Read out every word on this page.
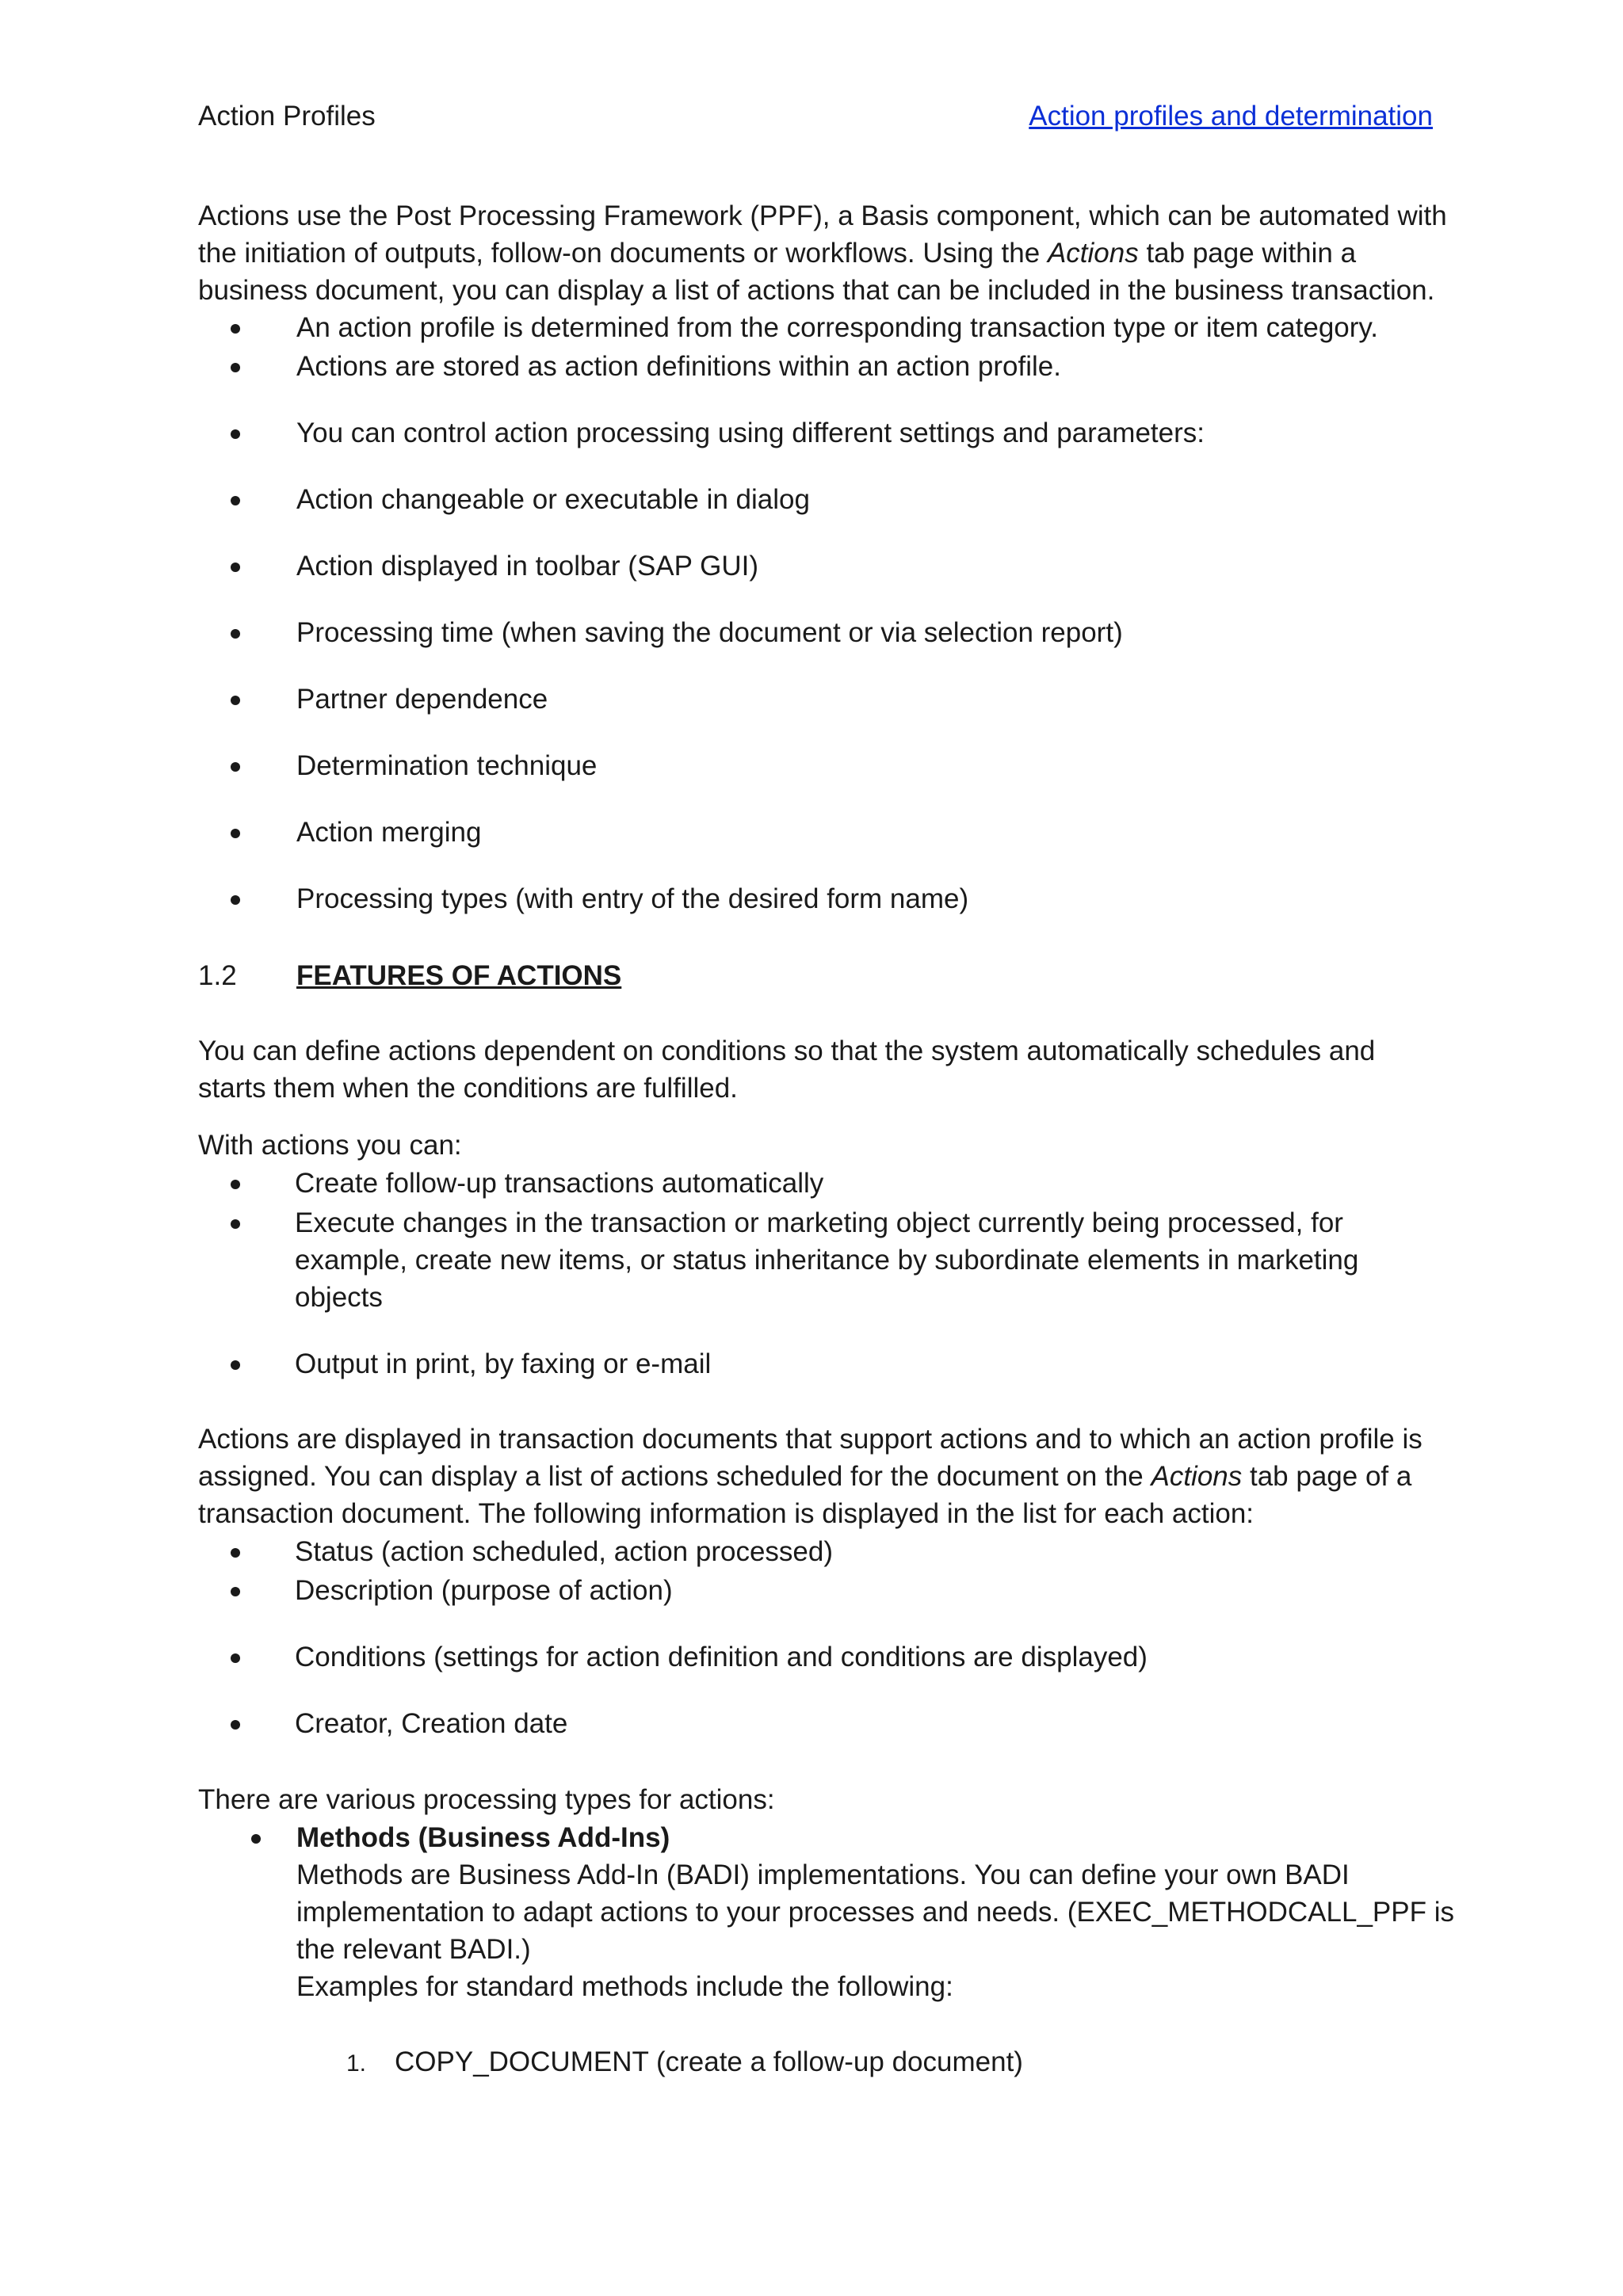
Action Profiles	Action profiles and determination
Actions use the Post Processing Framework (PPF), a Basis component, which can be automated with
the initiation of outputs, follow-on documents or workflows. Using the Actions tab page within a
business document, you can display a list of actions that can be included in the business transaction.
An action profile is determined from the corresponding transaction type or item category.
Actions are stored as action definitions within an action profile.
You can control action processing using different settings and parameters:
Action changeable or executable in dialog
Action displayed in toolbar (SAP GUI)
Processing time (when saving the document or via selection report)
Partner dependence
Determination technique
Action merging
Processing types (with entry of the desired form name)
1.2 FEATURES OF ACTIONS
You can define actions dependent on conditions so that the system automatically schedules and
starts them when the conditions are fulfilled.
With actions you can:
Create follow-up transactions automatically
Execute changes in the transaction or marketing object currently being processed, for
example, create new items, or status inheritance by subordinate elements in marketing
objects
Output in print, by faxing or e-mail
Actions are displayed in transaction documents that support actions and to which an action profile is
assigned. You can display a list of actions scheduled for the document on the Actions tab page of a
transaction document. The following information is displayed in the list for each action:
Status (action scheduled, action processed)
Description (purpose of action)
Conditions (settings for action definition and conditions are displayed)
Creator, Creation date
There are various processing types for actions:
Methods (Business Add-Ins)
Methods are Business Add-In (BADI) implementations. You can define your own BADI
implementation to adapt actions to your processes and needs. (EXEC_METHODCALL_PPF is
the relevant BADI.)
Examples for standard methods include the following:
1. COPY_DOCUMENT (create a follow-up document)
